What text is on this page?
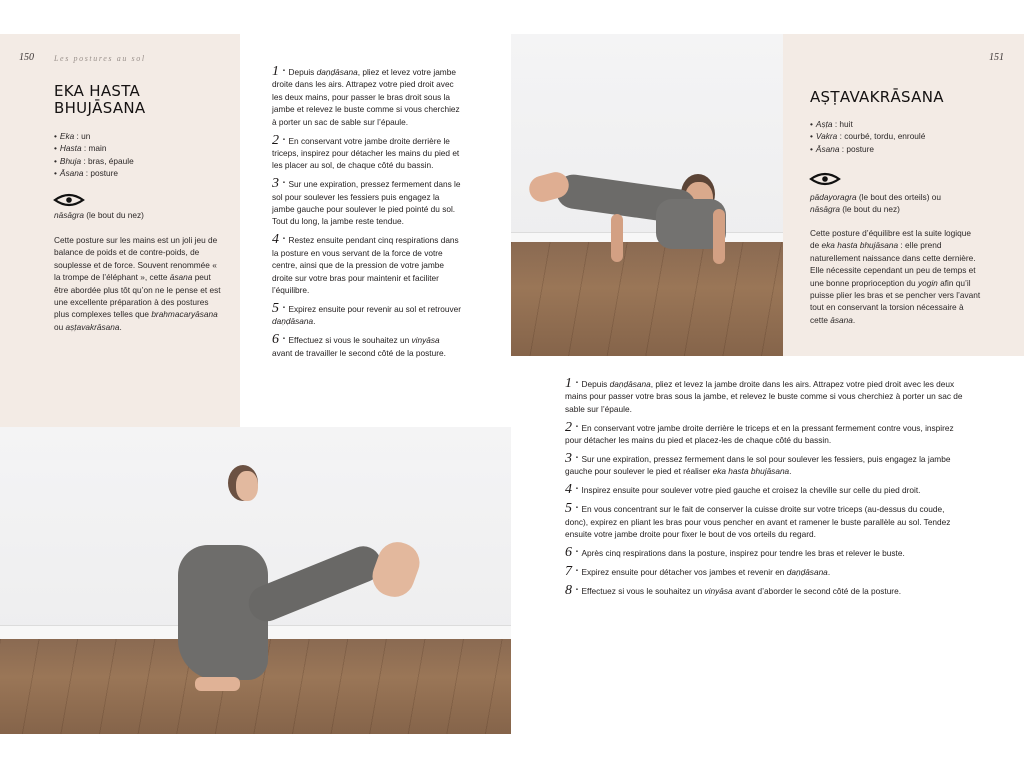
150	Les postures au sol
EKA HASTA
BHUJĀSANA
• Eka : un
• Hasta : main
• Bhuja : bras, épaule
• Āsana : posture
nāsāgra (le bout du nez)

Cette posture sur les mains est un joli jeu de balance de poids et de contre-poids, de souplesse et de force. Souvent renommée « la trompe de l’éléphant », cette āsana peut être abordée plus tôt qu’on ne le pense et est une excellente préparation à des postures plus complexes telles que brahmacaryāsana ou aṣṭavakrāsana.

1 · Depuis daṇḍāsana, pliez et levez votre jambe droite dans les airs. Attrapez votre pied droit avec les deux mains, pour passer le bras droit sous la jambe et relevez le buste comme si vous cherchiez à porter un sac de sable sur l’épaule.
2 · En conservant votre jambe droite derrière le triceps, inspirez pour détacher les mains du pied et les placer au sol, de chaque côté du bassin.
3 · Sur une expiration, pressez fermement dans le sol pour soulever les fessiers puis engagez la jambe gauche pour soulever le pied pointé du sol. Tout du long, la jambe reste tendue.
4 · Restez ensuite pendant cinq respirations dans la posture en vous servant de la force de votre centre, ainsi que de la pression de votre jambe droite sur votre bras pour maintenir et faciliter l’équilibre.
5 · Expirez ensuite pour revenir au sol et retrouver daṇḍāsana.
6 · Effectuez si vous le souhaitez un vinyāsa avant de travailler le second côté de la posture.
151
AṢṬAVAKRĀSANA
• Aṣṭa : huit
• Vakra : courbé, tordu, enroulé
• Āsana : posture
pādayoragra (le bout des orteils) ou
nāsāgra (le bout du nez)

Cette posture d’équilibre est la suite logique de eka hasta bhujāsana : elle prend naturellement naissance dans cette dernière. Elle nécessite cependant un peu de temps et une bonne proprioception du yogin afin qu’il puisse plier les bras et se pencher vers l’avant tout en conservant la torsion nécessaire à cette āsana.

1 · Depuis daṇḍāsana, pliez et levez la jambe droite dans les airs. Attrapez votre pied droit avec les deux mains pour passer votre bras sous la jambe, et relevez le buste comme si vous cherchiez à porter un sac de sable sur l’épaule.
2 · En conservant votre jambe droite derrière le triceps et en la pressant fermement contre vous, inspirez pour détacher les mains du pied et placez-les de chaque côté du bassin.
3 · Sur une expiration, pressez fermement dans le sol pour soulever les fessiers, puis engagez la jambe gauche pour soulever le pied et réaliser eka hasta bhujāsana.
4 · Inspirez ensuite pour soulever votre pied gauche et croisez la cheville sur celle du pied droit.
5 · En vous concentrant sur le fait de conserver la cuisse droite sur votre triceps (au-dessus du coude, donc), expirez en pliant les bras pour vous pencher en avant et ramener le buste parallèle au sol. Tendez ensuite votre jambe droite pour fixer le bout de vos orteils du regard.
6 · Après cinq respirations dans la posture, inspirez pour tendre les bras et relever le buste.
7 · Expirez ensuite pour détacher vos jambes et revenir en daṇḍāsana.
8 · Effectuez si vous le souhaitez un vinyāsa avant d’aborder le second côté de la posture.
